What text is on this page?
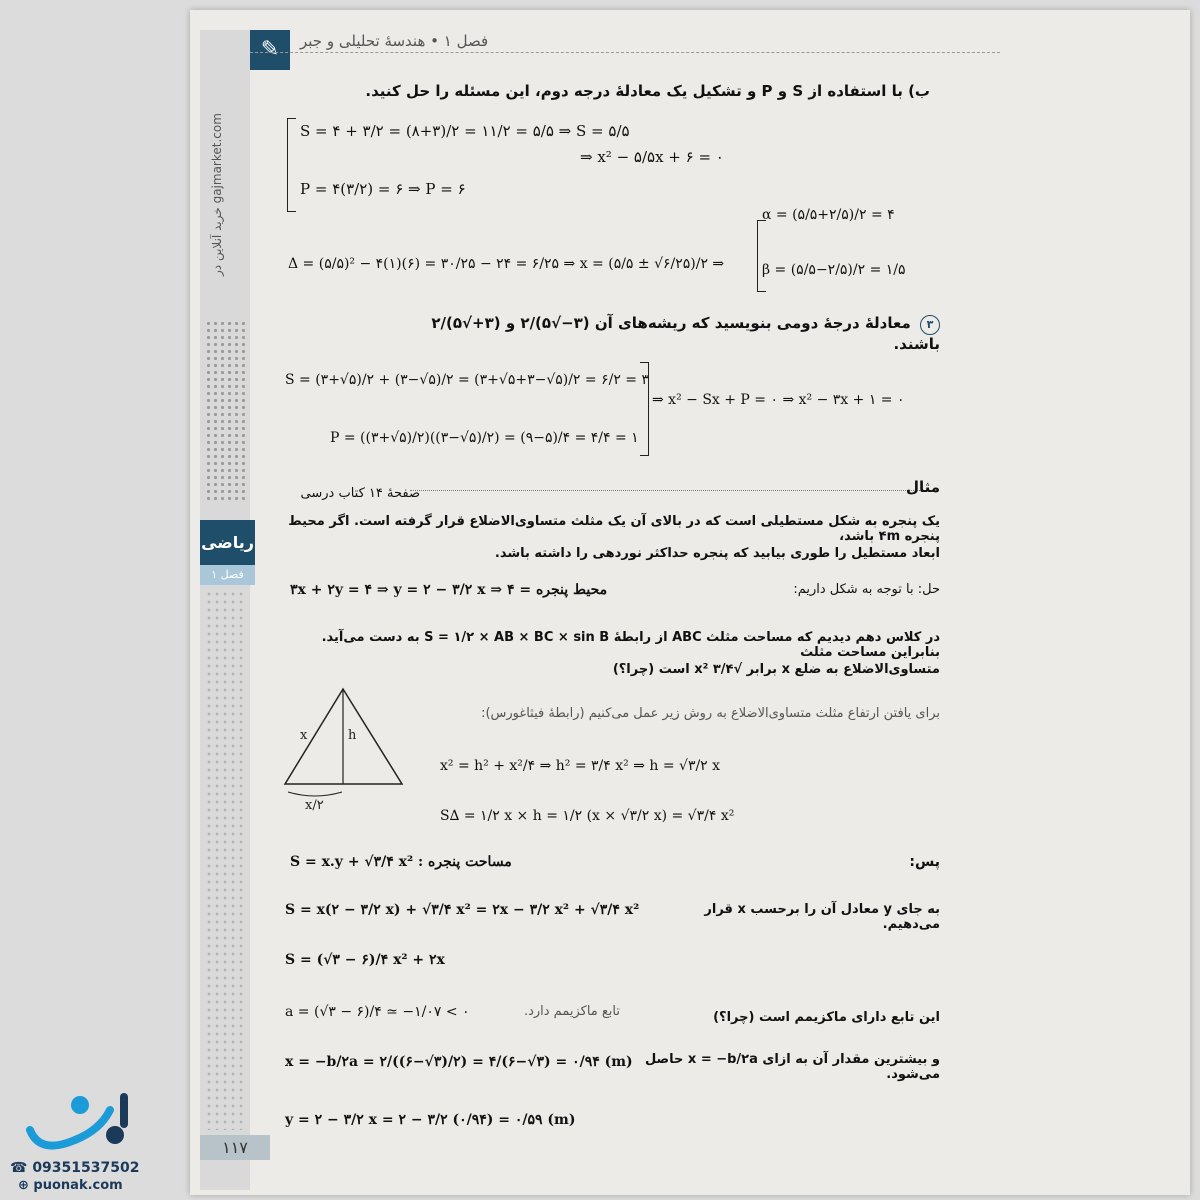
✎	فصل ۱ • هندسهٔ تحلیلی و جبر
خرید آنلاین در gajmarket.com
ریاضی
فصل ۱
۱۱۷
ب) با استفاده از S و P و تشکیل یک معادلهٔ درجه دوم، این مسئله را حل کنید.
S = ۴ + ۳/۲ = (۸+۳)/۲ = ۱۱/۲ = ۵/۵ ⇒ S = ۵/۵
P = ۴(۳/۲) = ۶ ⇒ P = ۶
⇒ x² − ۵/۵x + ۶ = ۰
Δ = (۵/۵)² − ۴(۱)(۶) = ۳۰/۲۵ − ۲۴ = ۶/۲۵ ⇒ x = (۵/۵ ± √۶/۲۵)/۲ ⇒
α = (۵/۵+۲/۵)/۲ = ۴
β = (۵/۵−۲/۵)/۲ = ۱/۵
۳ معادلهٔ درجهٔ دومی بنویسید که ریشه‌های آن (۳−√۵)/۲ و (۳+√۵)/۲ باشند.
S = (۳+√۵)/۲ + (۳−√۵)/۲ = (۳+√۵+۳−√۵)/۲ = ۶/۲ = ۳
P = ((۳+√۵)/۲)((۳−√۵)/۲) = (۹−۵)/۴ = ۴/۴ = ۱
⇒ x² − Sx + P = ۰ ⇒ x² − ۳x + ۱ = ۰
مثال
صفحهٔ ۱۴ کتاب درسی
یک پنجره به شکل مستطیلی است که در بالای آن یک مثلث متساوی‌الاضلاع قرار گرفته است. اگر محیط پنجره ۴m باشد،
ابعاد مستطیل را طوری بیابید که پنجره حداکثر نوردهی را داشته باشد.
حل: با توجه به شکل داریم:
محیط پنجره = ۴ ⇒ ۳x + ۲y = ۴ ⇒ y = ۲ − ۳/۲ x
در کلاس دهم دیدیم که مساحت مثلث ABC از رابطهٔ S = ۱/۲ × AB × BC × sin B به دست می‌آید. بنابراین مساحت مثلث
متساوی‌الاضلاع به ضلع x برابر √۳/۴ x² است (چرا؟)
برای یافتن ارتفاع مثلث متساوی‌الاضلاع به روش زیر عمل می‌کنیم (رابطهٔ فیثاغورس):
x	h
x/۲
x² = h² + x²/۴ ⇒ h² = ۳/۴ x² ⇒ h = √۳/۲ x
S∆ = ۱/۲ x × h = ۱/۲ (x × √۳/۲ x) = √۳/۴ x²
پس:
مساحت پنجره : S = x.y + √۳/۴ x²
به جای y معادل آن را برحسب x قرار می‌دهیم.
S = x(۲ − ۳/۲ x) + √۳/۴ x² = ۲x − ۳/۲ x² + √۳/۴ x²
S = (√۳ − ۶)/۴ x² + ۲x
a = (√۳ − ۶)/۴ ≃ −۱/۰۷ < ۰	تابع ماکزیمم دارد.	این تابع دارای ماکزیمم است (چرا؟)
x = −b/۲a = ۲/((۶−√۳)/۲) = ۴/(۶−√۳) = ۰/۹۴ (m) و بیشترین مقدار آن به ازای x = −b/۲a حاصل می‌شود.
y = ۲ − ۳/۲ x = ۲ − ۳/۲ (۰/۹۴) = ۰/۵۹ (m)
☎ 09351537502
⊕ puonak.com
